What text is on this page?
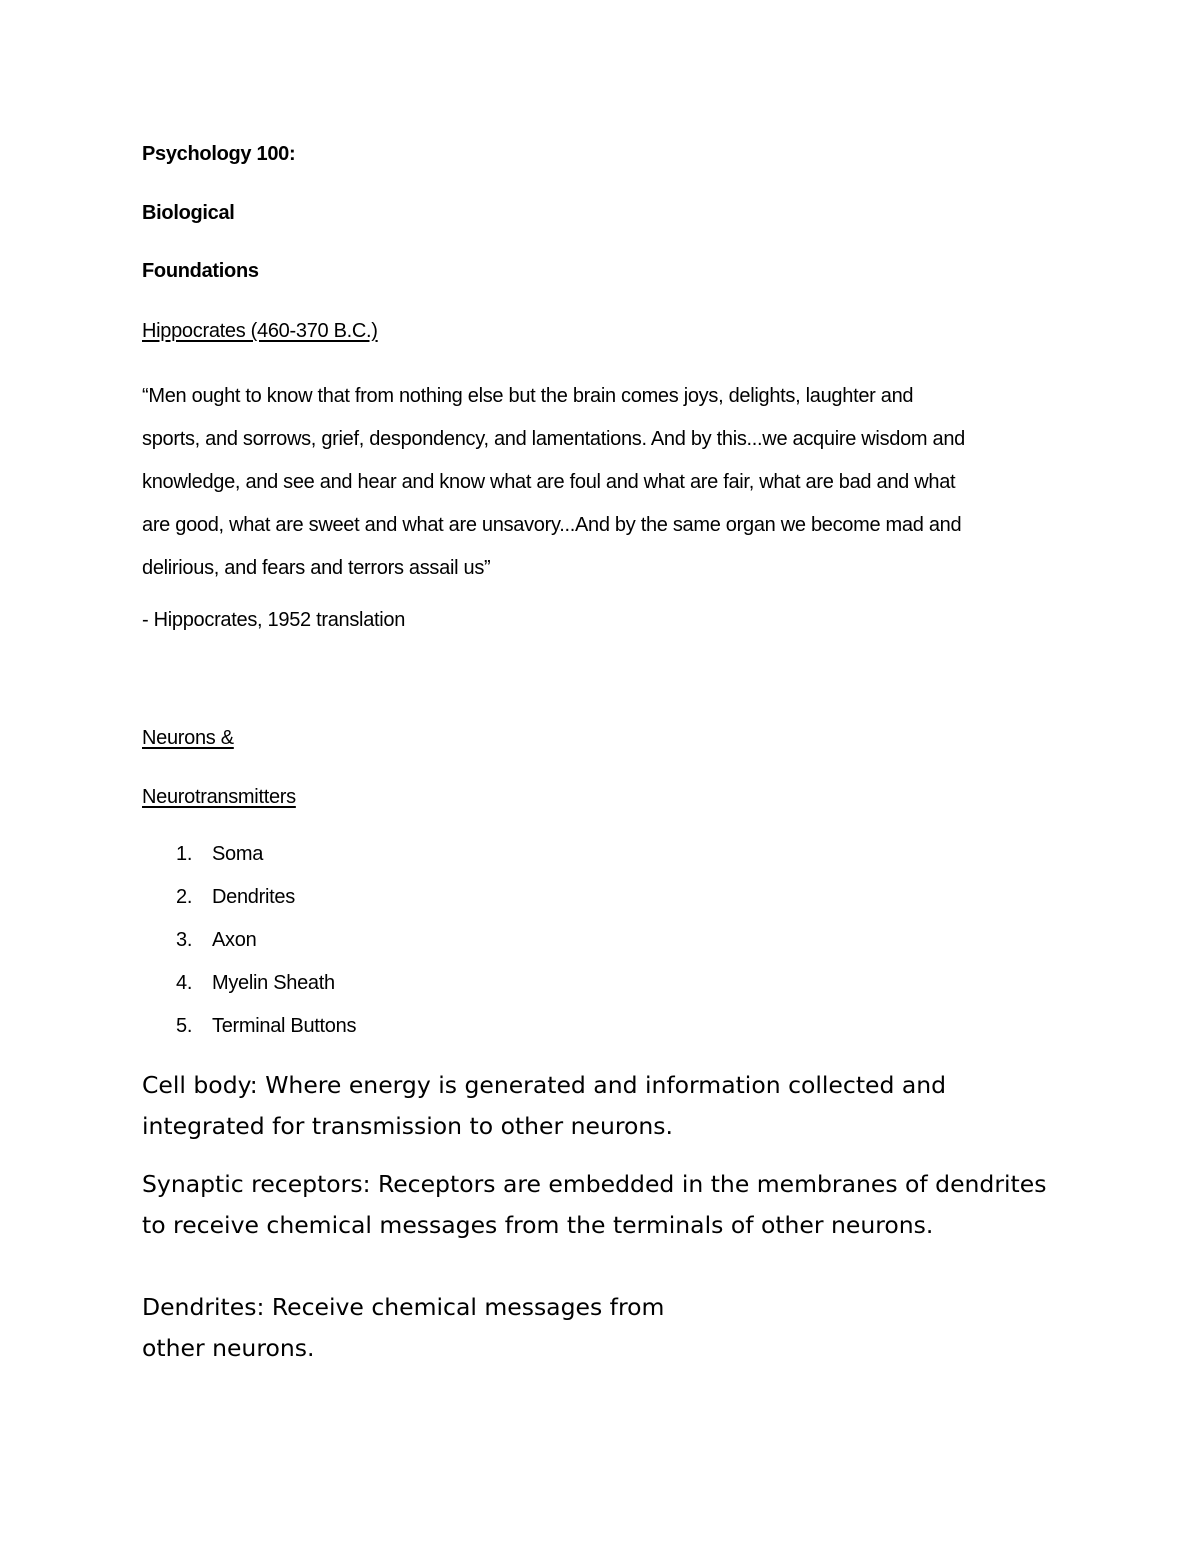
Psychology 100:
Biological
Foundations
Hippocrates (460-370 B.C.)

“Men ought to know that from nothing else but the brain comes joys, delights, laughter and
sports, and sorrows, grief, despondency, and lamentations. And by this...we acquire wisdom and
knowledge, and see and hear and know what are foul and what are fair, what are bad and what
are good, what are sweet and what are unsavory...And by the same organ we become mad and
delirious, and fears and terrors assail us”

- Hippocrates, 1952 translation
Neurons &
Neurotransmitters
1. Soma
2. Dendrites
3. Axon
4. Myelin Sheath
5. Terminal Buttons

Cell body: Where energy is generated and information collected and
integrated for transmission to other neurons.

Synaptic receptors: Receptors are embedded in the membranes of dendrites
to receive chemical messages from the terminals of other neurons.

Dendrites: Receive chemical messages from
other neurons.
